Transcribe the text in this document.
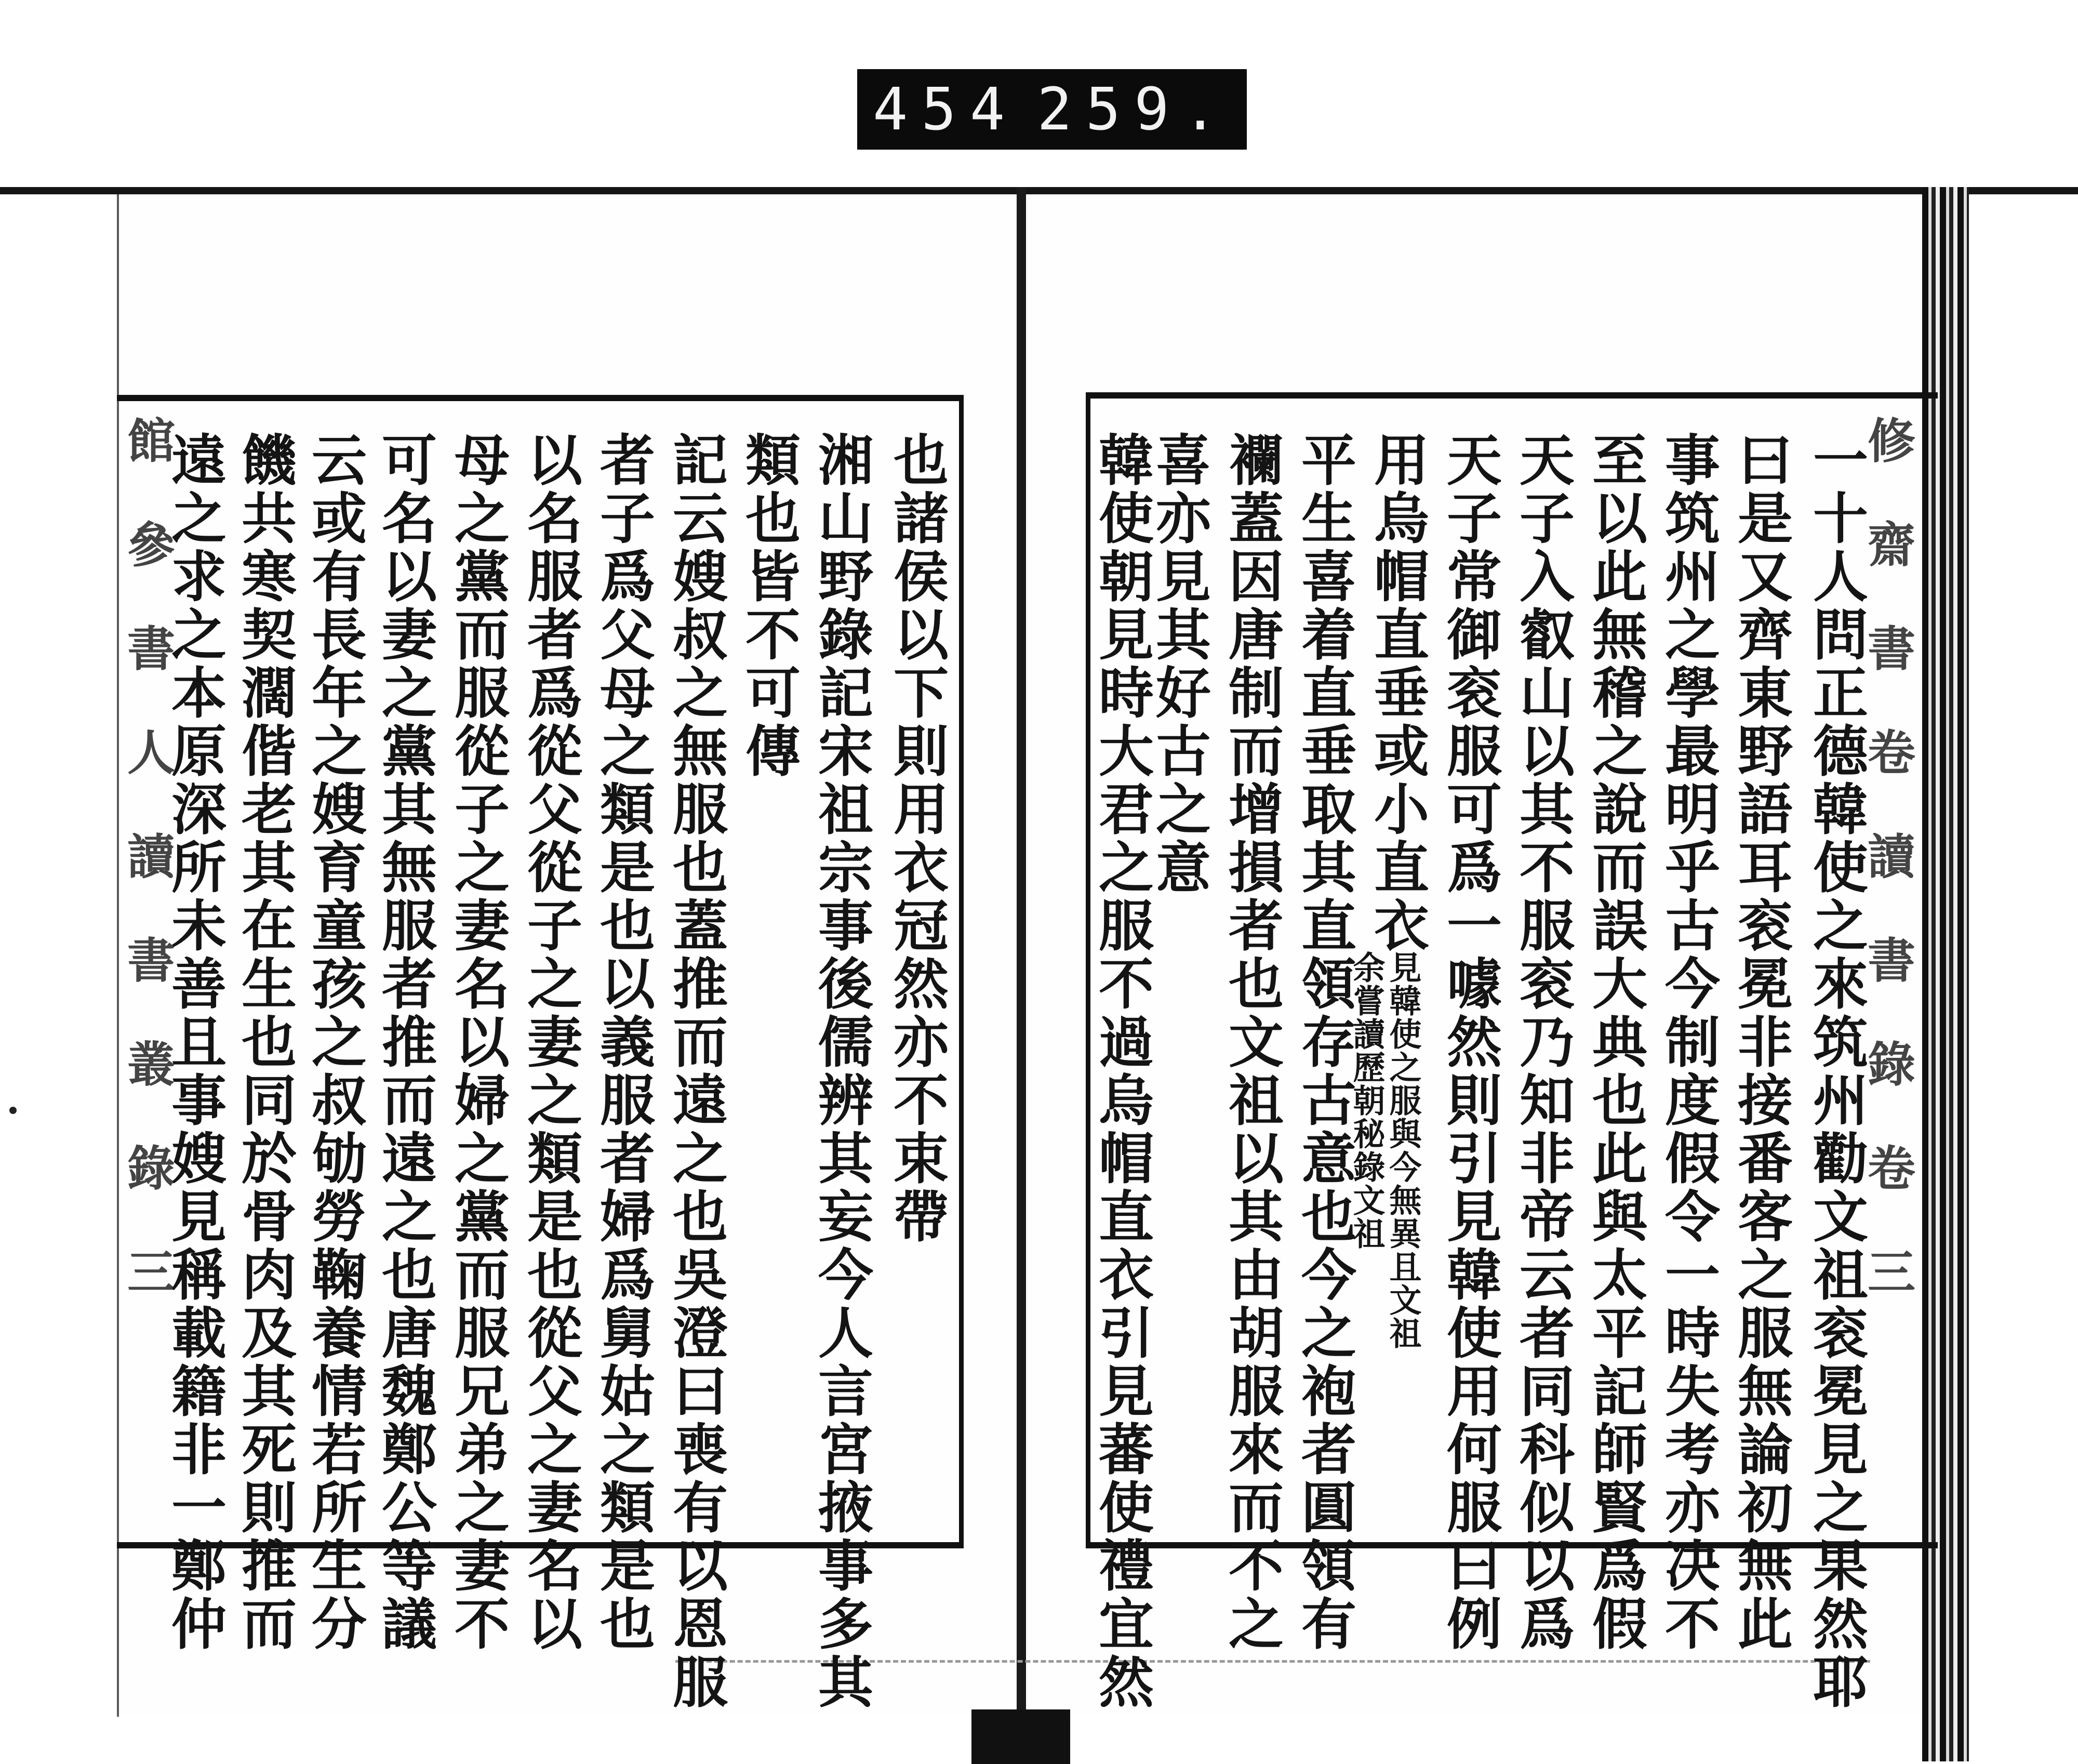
454 259.
館 參 書 人 讀 書 叢 錄 三	也諸侯以下則用衣冠然亦不束帶
湘山野錄記宋祖宗事後儒辨其妄今人言宮掖事多其
類也皆不可傳
記云嫂叔之無服也蓋推而遠之也吳澄曰喪有以恩服
者子爲父母之類是也以義服者婦爲舅姑之類是也
以名服者爲從父從子之妻之類是也從父之妻名以
母之黨而服從子之妻名以婦之黨而服兄弟之妻不
可名以妻之黨其無服者推而遠之也唐魏鄭公等議
云或有長年之嫂育童孩之叔劬勞鞠養情若所生分
饑共寒契濶偕老其在生也同於骨肉及其死則推而
遠之求之本原深所未善且事嫂見稱載籍非一鄭仲	修 齋 書 卷 讀 書 錄 卷 三
一十人問正德韓使之來筑州勸文祖衮冕見之果然耶
曰是又齊東野語耳衮冕非接番客之服無論初無此
事筑州之學最明乎古今制度假令一時失考亦决不
至以此無稽之說而誤大典也此與太平記師賢爲假
天子入叡山以其不服衮乃知非帝云者同科似以爲
天子常御衮服可爲一噱然則引見韓使用何服曰例
用烏帽直垂或小直衣
余嘗讀歷朝秘錄文祖
見韓使之服與今無異且文祖
平生喜着直垂取其直領存古意也今之袍者圓領有
襴蓋因唐制而增損者也文祖以其由胡服來而不之
喜亦見其好古之意
韓使朝見時大君之服不過烏帽直衣引見蕃使禮宜然
